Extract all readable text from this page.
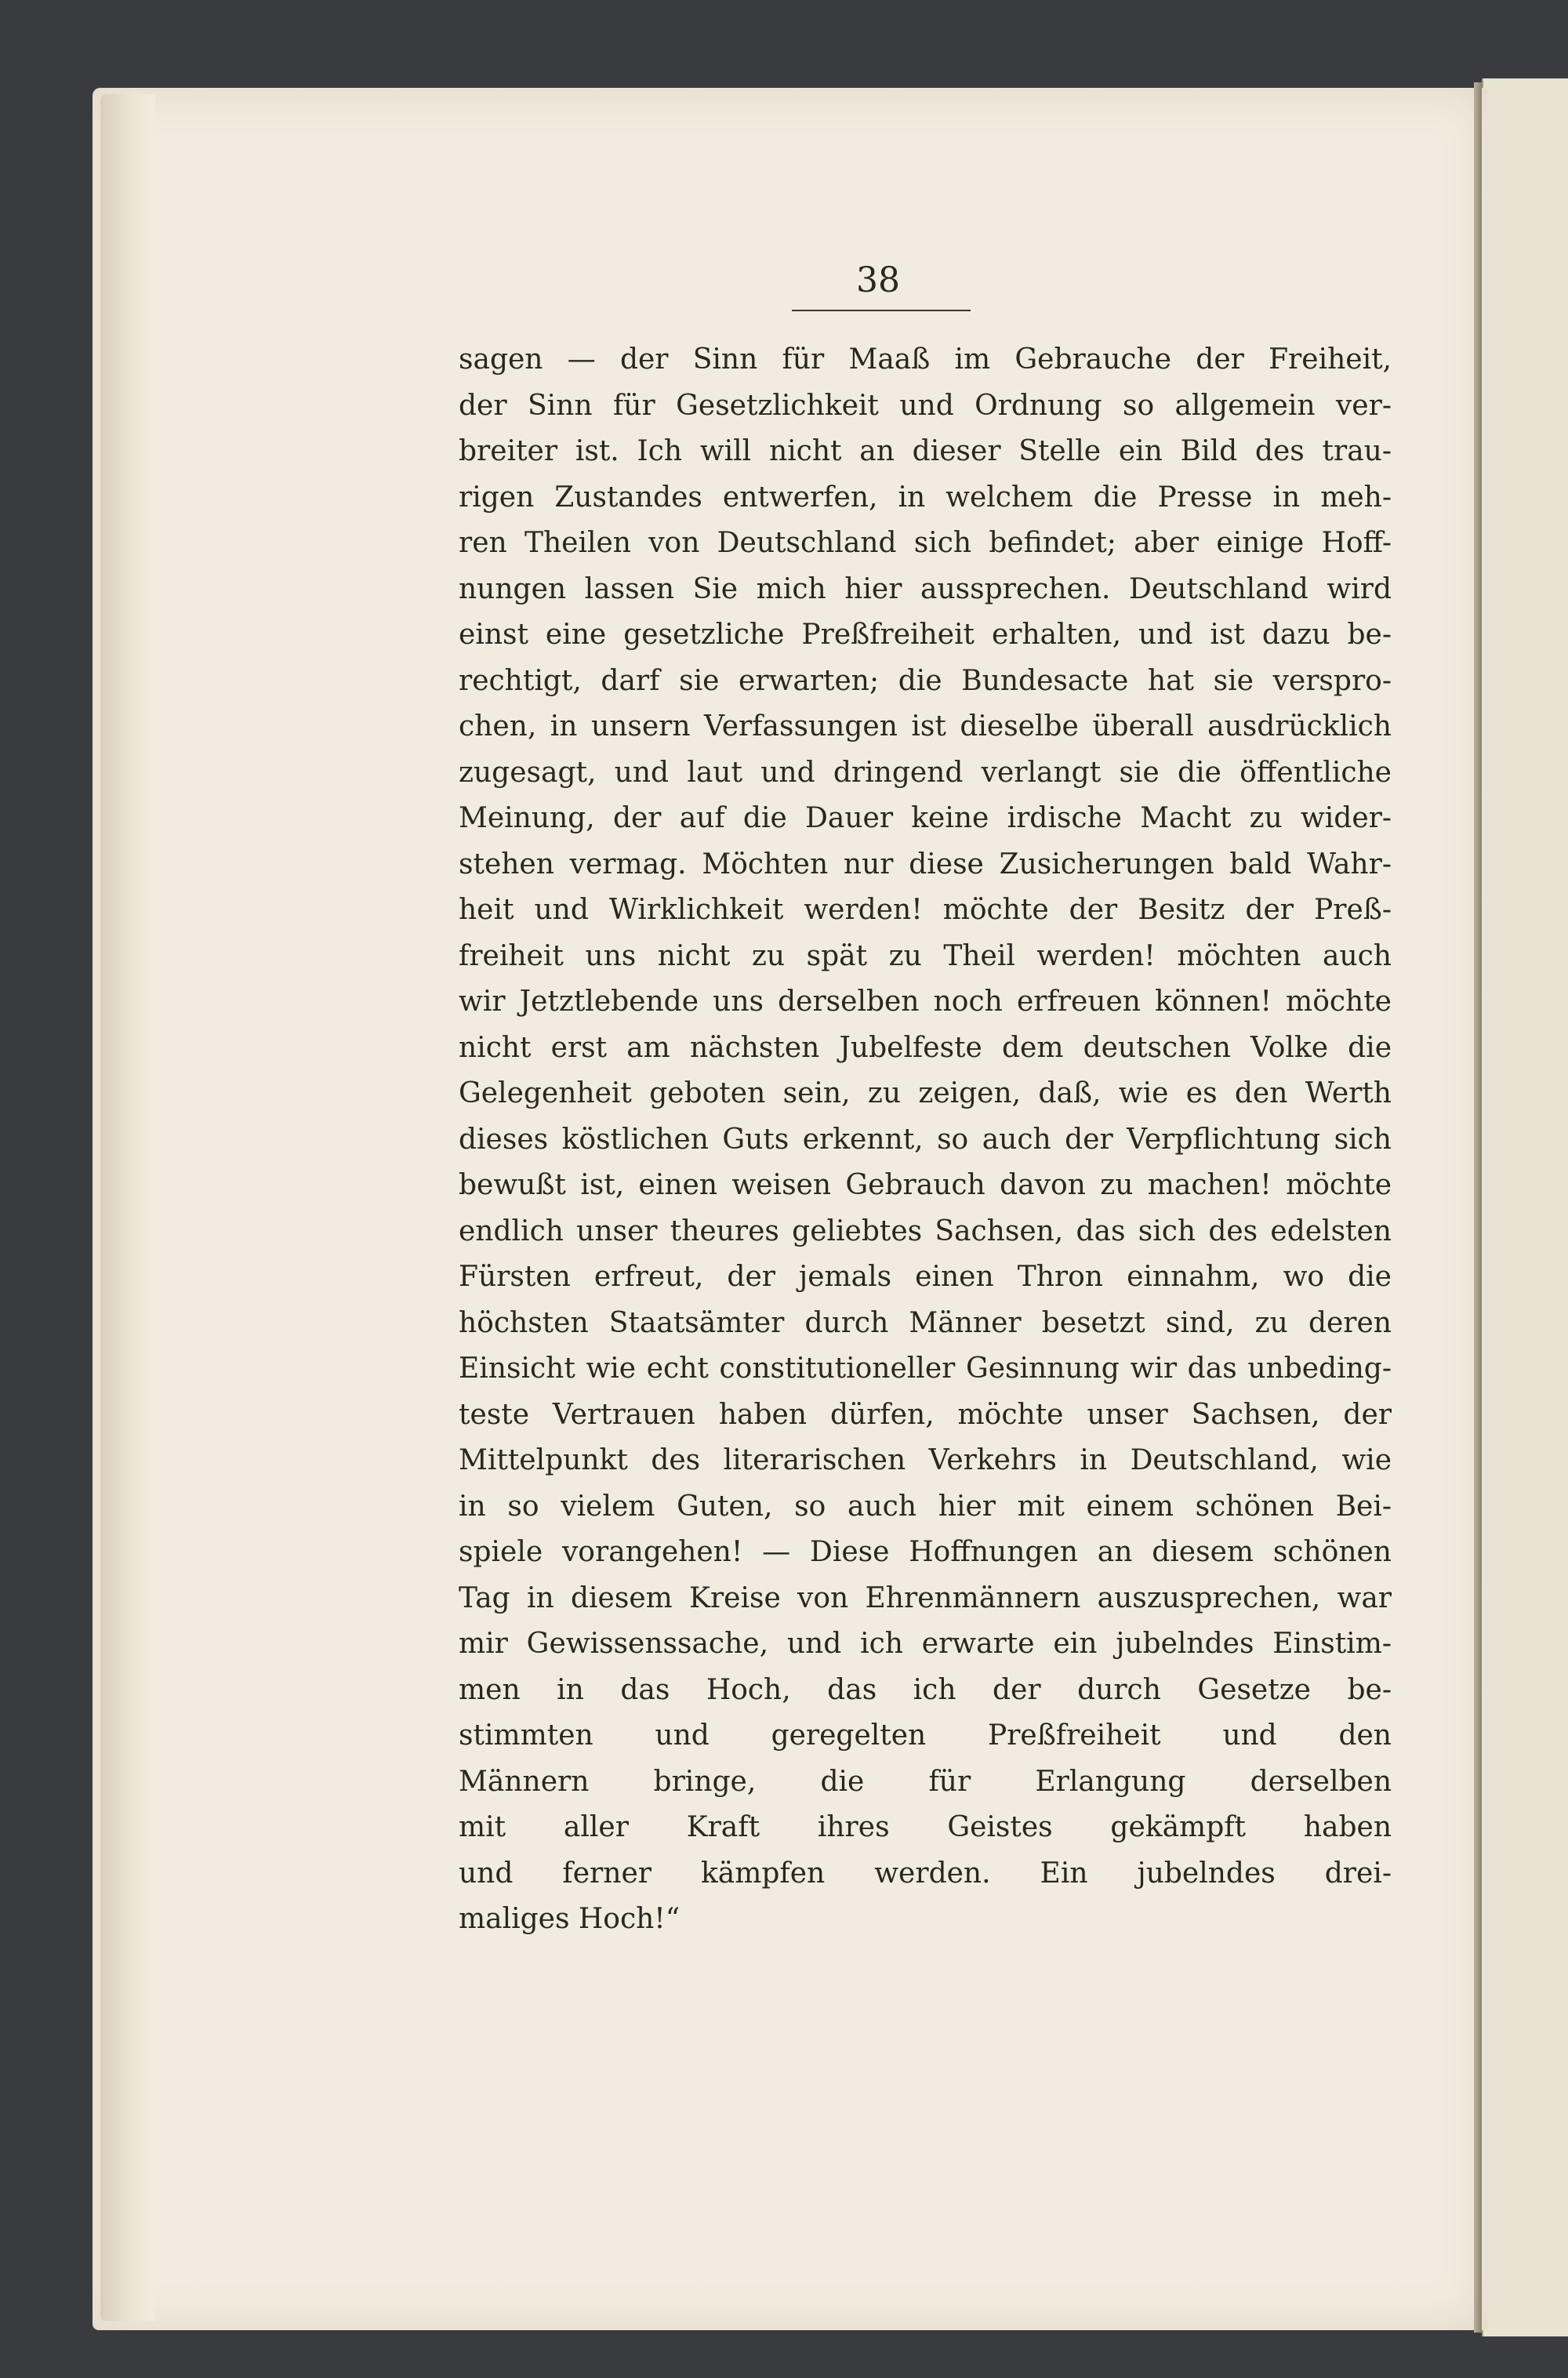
38
sagen — der Sinn für Maaß im Gebrauche der Freiheit,
der Sinn für Gesetzlichkeit und Ordnung so allgemein ver-
breiter ist. Ich will nicht an dieser Stelle ein Bild des trau-
rigen Zustandes entwerfen, in welchem die Presse in meh-
ren Theilen von Deutschland sich befindet; aber einige Hoff-
nungen lassen Sie mich hier aussprechen. Deutschland wird
einst eine gesetzliche Preßfreiheit erhalten, und ist dazu be-
rechtigt, darf sie erwarten; die Bundesacte hat sie verspro-
chen, in unsern Verfassungen ist dieselbe überall ausdrücklich
zugesagt, und laut und dringend verlangt sie die öffentliche
Meinung, der auf die Dauer keine irdische Macht zu wider-
stehen vermag. Möchten nur diese Zusicherungen bald Wahr-
heit und Wirklichkeit werden! möchte der Besitz der Preß-
freiheit uns nicht zu spät zu Theil werden! möchten auch
wir Jetztlebende uns derselben noch erfreuen können! möchte
nicht erst am nächsten Jubelfeste dem deutschen Volke die
Gelegenheit geboten sein, zu zeigen, daß, wie es den Werth
dieses köstlichen Guts erkennt, so auch der Verpflichtung sich
bewußt ist, einen weisen Gebrauch davon zu machen! möchte
endlich unser theures geliebtes Sachsen, das sich des edelsten
Fürsten erfreut, der jemals einen Thron einnahm, wo die
höchsten Staatsämter durch Männer besetzt sind, zu deren
Einsicht wie echt constitutioneller Gesinnung wir das unbeding-
teste Vertrauen haben dürfen, möchte unser Sachsen, der
Mittelpunkt des literarischen Verkehrs in Deutschland, wie
in so vielem Guten, so auch hier mit einem schönen Bei-
spiele vorangehen! — Diese Hoffnungen an diesem schönen
Tag in diesem Kreise von Ehrenmännern auszusprechen, war
mir Gewissenssache, und ich erwarte ein jubelndes Einstim-
men in das Hoch, das ich der durch Gesetze be-
stimmten und geregelten Preßfreiheit und den
Männern bringe, die für Erlangung derselben
mit aller Kraft ihres Geistes gekämpft haben
und ferner kämpfen werden. Ein jubelndes drei-
maliges Hoch!“
